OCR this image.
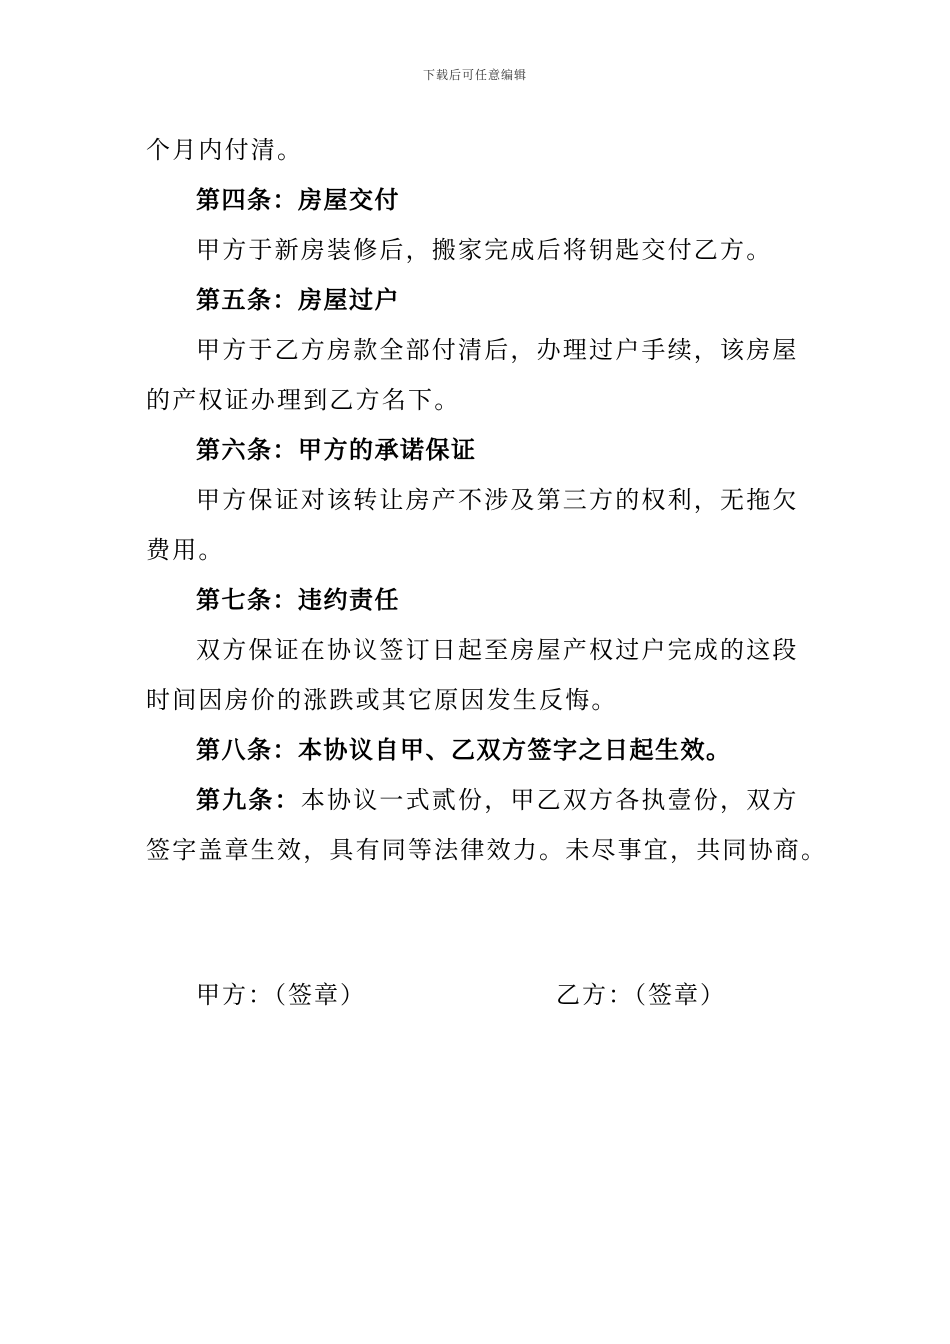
下载后可任意编辑
个月内付清。
第四条：房屋交付
甲方于新房装修后，搬家完成后将钥匙交付乙方。
第五条：房屋过户
甲方于乙方房款全部付清后，办理过户手续，该房屋
的产权证办理到乙方名下。
第六条：甲方的承诺保证
甲方保证对该转让房产不涉及第三方的权利，无拖欠
费用。
第七条：违约责任
双方保证在协议签订日起至房屋产权过户完成的这段
时间因房价的涨跌或其它原因发生反悔。
第八条：本协议自甲、乙双方签字之日起生效。
第九条：本协议一式贰份，甲乙双方各执壹份，双方
签字盖章生效，具有同等法律效力。未尽事宜，共同协商。
甲方：（签章）	乙方：（签章）
